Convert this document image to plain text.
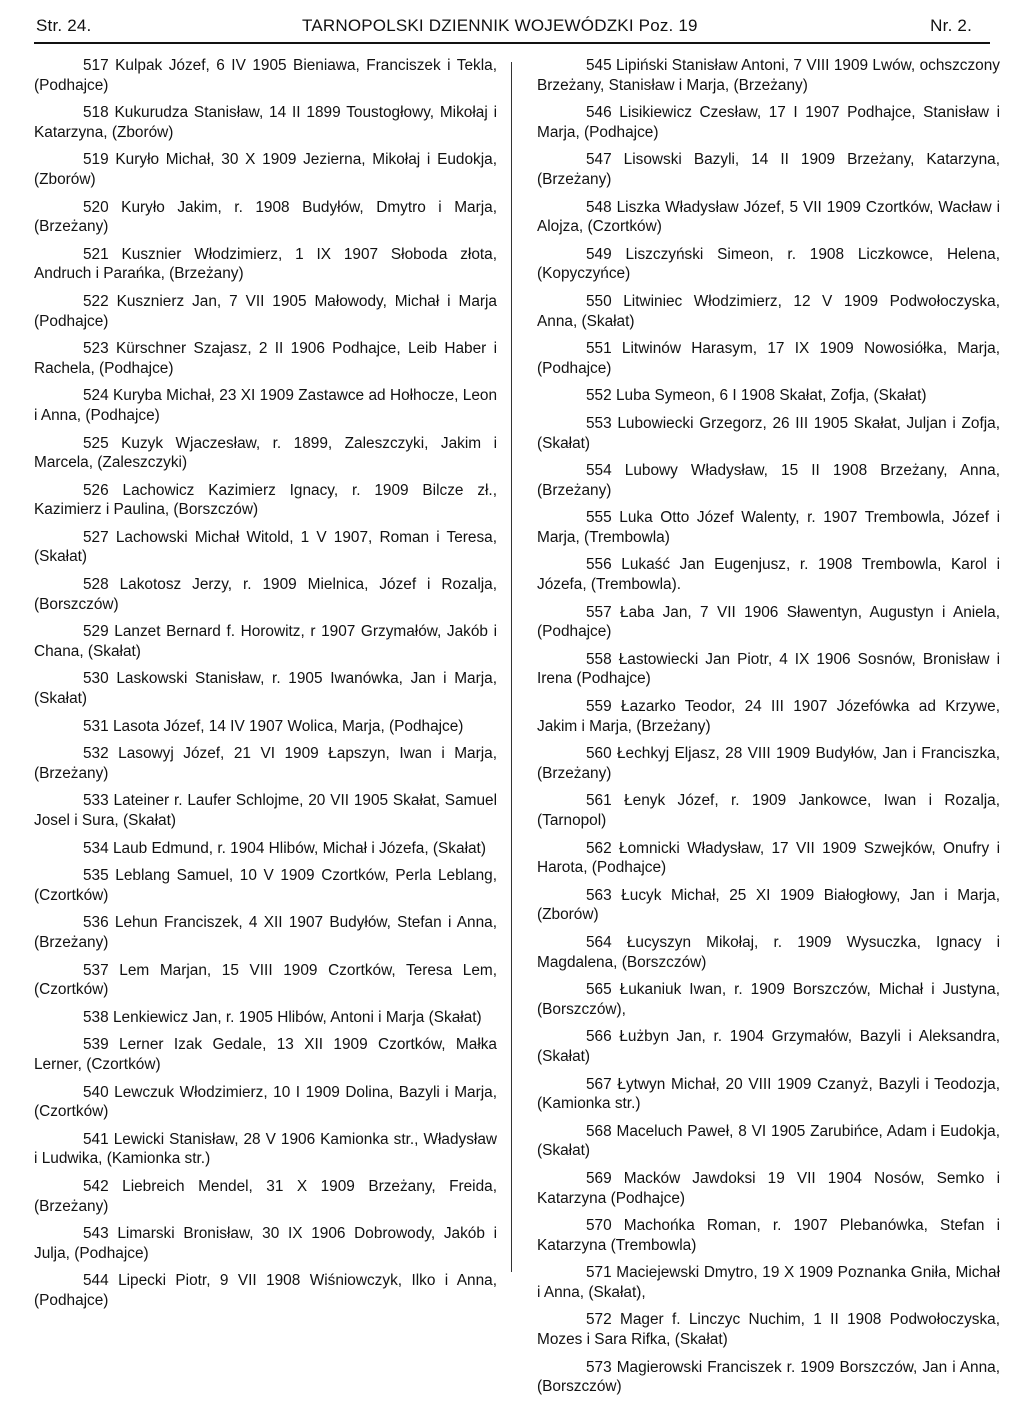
Str. 24.	TARNOPOLSKI DZIENNIK WOJEWÓDZKI Poz. 19	Nr. 2.

517 Kulpak Józef, 6 IV 1905 Bieniawa, Franciszek i Tekla, (Podhajce)

518 Kukurudza Stanisław, 14 II 1899 Toustogłowy, Mikołaj i Katarzyna, (Zborów)

519 Kuryło Michał, 30 X 1909 Jezierna, Mikołaj i Eudokja, (Zborów)

520 Kuryło Jakim, r. 1908 Budyłów, Dmytro i Marja, (Brzeżany)

521 Kusznier Włodzimierz, 1 IX 1907 Słoboda złota, Andruch i Parańka, (Brzeżany)

522 Kusznierz Jan, 7 VII 1905 Małowody, Michał i Marja (Podhajce)

523 Kürschner Szajasz, 2 II 1906 Podhajce, Leib Haber i Rachela, (Podhajce)

524 Kuryba Michał, 23 XI 1909 Zastawce ad Hołhocze, Leon i Anna, (Podhajce)

525 Kuzyk Wjaczesław, r. 1899, Zaleszczyki, Jakim i Marcela, (Zaleszczyki)

526 Lachowicz Kazimierz Ignacy, r. 1909 Bilcze zł., Kazimierz i Paulina, (Borszczów)

527 Lachowski Michał Witold, 1 V 1907, Roman i Teresa, (Skałat)

528 Lakotosz Jerzy, r. 1909 Mielnica, Józef i Rozalja, (Borszczów)

529 Lanzet Bernard f. Horowitz, r 1907 Grzymałów, Jakób i Chana, (Skałat)

530 Laskowski Stanisław, r. 1905 Iwanówka, Jan i Marja, (Skałat)

531 Lasota Józef, 14 IV 1907 Wolica, Marja, (Podhajce)

532 Lasowyj Józef, 21 VI 1909 Łapszyn, Iwan i Marja, (Brzeżany)

533 Lateiner r. Laufer Schlojme, 20 VII 1905 Skałat, Samuel Josel i Sura, (Skałat)

534 Laub Edmund, r. 1904 Hlibów, Michał i Józefa, (Skałat)

535 Leblang Samuel, 10 V 1909 Czortków, Perla Leblang, (Czortków)

536 Lehun Franciszek, 4 XII 1907 Budyłów, Stefan i Anna, (Brzeżany)

537 Lem Marjan, 15 VIII 1909 Czortków, Teresa Lem, (Czortków)

538 Lenkiewicz Jan, r. 1905 Hlibów, Antoni i Marja (Skałat)

539 Lerner Izak Gedale, 13 XII 1909 Czortków, Małka Lerner, (Czortków)

540 Lewczuk Włodzimierz, 10 I 1909 Dolina, Bazyli i Marja, (Czortków)

541 Lewicki Stanisław, 28 V 1906 Kamionka str., Władysław i Ludwika, (Kamionka str.)

542 Liebreich Mendel, 31 X 1909 Brzeżany, Freida, (Brzeżany)

543 Limarski Bronisław, 30 IX 1906 Dobrowody, Jakób i Julja, (Podhajce)

544 Lipecki Piotr, 9 VII 1908 Wiśniowczyk, Ilko i Anna, (Podhajce)

545 Lipiński Stanisław Antoni, 7 VIII 1909 Lwów, ochszczony Brzeżany, Stanisław i Marja, (Brzeżany)

546 Lisikiewicz Czesław, 17 I 1907 Podhajce, Stanisław i Marja, (Podhajce)

547 Lisowski Bazyli, 14 II 1909 Brzeżany, Katarzyna, (Brzeżany)

548 Liszka Władysław Józef, 5 VII 1909 Czortków, Wacław i Alojza, (Czortków)

549 Liszczyński Simeon, r. 1908 Liczkowce, Helena, (Kopyczyńce)

550 Litwiniec Włodzimierz, 12 V 1909 Podwołoczyska, Anna, (Skałat)

551 Litwinów Harasym, 17 IX 1909 Nowosiółka, Marja, (Podhajce)

552 Luba Symeon, 6 I 1908 Skałat, Zofja, (Skałat)

553 Lubowiecki Grzegorz, 26 III 1905 Skałat, Juljan i Zofja, (Skałat)

554 Lubowy Władysław, 15 II 1908 Brzeżany, Anna, (Brzeżany)

555 Luka Otto Józef Walenty, r. 1907 Trembowla, Józef i Marja, (Trembowla)

556 Lukaść Jan Eugenjusz, r. 1908 Trembowla, Karol i Józefa, (Trembowla).

557 Łaba Jan, 7 VII 1906 Sławentyn, Augustyn i Aniela, (Podhajce)

558 Łastowiecki Jan Piotr, 4 IX 1906 Sosnów, Bronisław i Irena (Podhajce)

559 Łazarko Teodor, 24 III 1907 Józefówka ad Krzywe, Jakim i Marja, (Brzeżany)

560 Łechkyj Eljasz, 28 VIII 1909 Budyłów, Jan i Franciszka, (Brzeżany)

561 Łenyk Józef, r. 1909 Jankowce, Iwan i Rozalja, (Tarnopol)

562 Łomnicki Władysław, 17 VII 1909 Szwejków, Onufry i Harota, (Podhajce)

563 Łucyk Michał, 25 XI 1909 Białogłowy, Jan i Marja, (Zborów)

564 Łucyszyn Mikołaj, r. 1909 Wysuczka, Ignacy i Magdalena, (Borszczów)

565 Łukaniuk Iwan, r. 1909 Borszczów, Michał i Justyna, (Borszczów),

566 Łużbyn Jan, r. 1904 Grzymałów, Bazyli i Aleksandra, (Skałat)

567 Łytwyn Michał, 20 VIII 1909 Czanyż, Bazyli i Teodozja, (Kamionka str.)

568 Maceluch Paweł, 8 VI 1905 Zarubińce, Adam i Eudokja, (Skałat)

569 Macków Jawdoksi 19 VII 1904 Nosów, Semko i Katarzyna (Podhajce)

570 Machońka Roman, r. 1907 Plebanówka, Stefan i Katarzyna (Trembowla)

571 Maciejewski Dmytro, 19 X 1909 Poznanka Gniła, Michał i Anna, (Skałat),

572 Mager f. Linczyc Nuchim, 1 II 1908 Podwołoczyska, Mozes i Sara Rifka, (Skałat)

573 Magierowski Franciszek r. 1909 Borszczów, Jan i Anna, (Borszczów)
